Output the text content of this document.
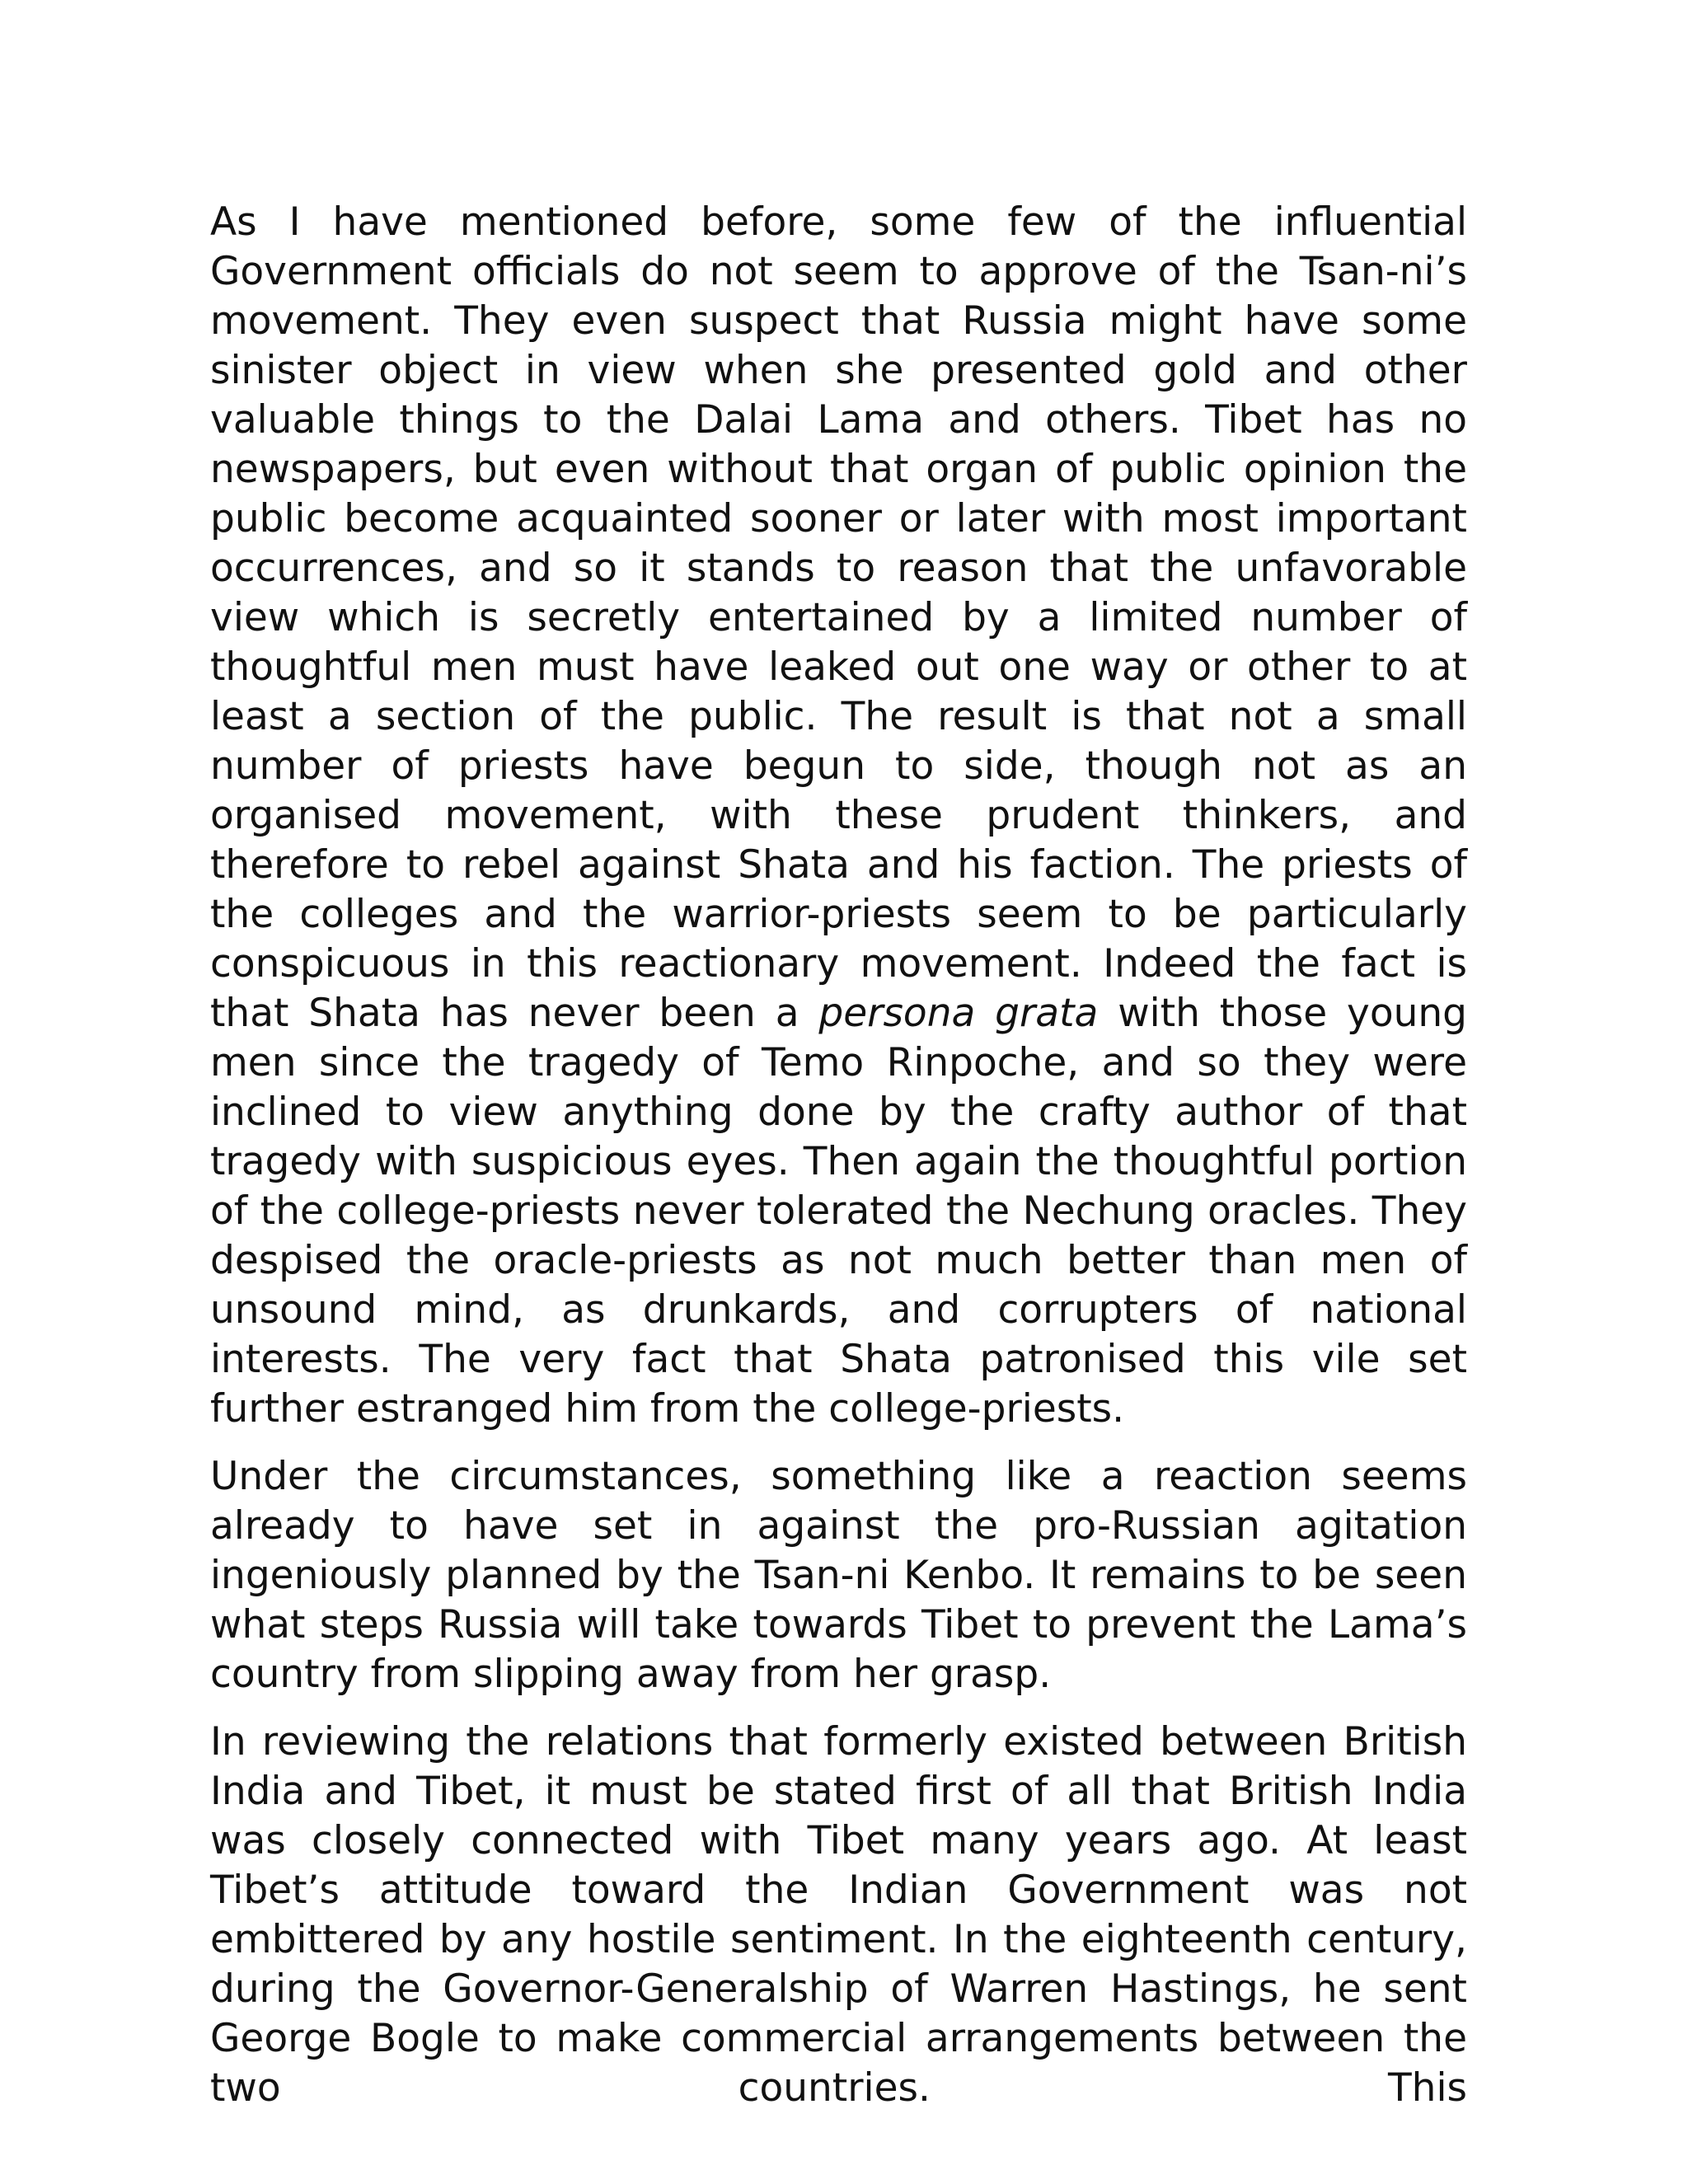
As I have mentioned before, some few of the influential Government officials do not seem to approve of the Tsan-ni’s movement. They even suspect that Russia might have some sinister object in view when she presented gold and other valuable things to the Dalai Lama and others. Tibet has no newspapers, but even without that organ of public opinion the public become acquainted sooner or later with most important occurrences, and so it stands to reason that the unfavorable view which is secretly entertained by a limited number of thoughtful men must have leaked out one way or other to at least a section of the public. The result is that not a small number of priests have begun to side, though not as an organised movement, with these prudent thinkers, and therefore to rebel against Shata and his faction. The priests of the colleges and the warrior-priests seem to be particularly conspicuous in this reactionary movement. Indeed the fact is that Shata has never been a persona grata with those young men since the tragedy of Temo Rinpoche, and so they were inclined to view anything done by the crafty author of that tragedy with suspicious eyes. Then again the thoughtful portion of the college-priests never tolerated the Nechung oracles. They despised the oracle-priests as not much better than men of unsound mind, as drunkards, and corrupters of national interests. The very fact that Shata patronised this vile set further estranged him from the college-priests.

Under the circumstances, something like a reaction seems already to have set in against the pro-Russian agitation ingeniously planned by the Tsan-ni Kenbo. It remains to be seen what steps Russia will take towards Tibet to prevent the Lama’s country from slipping away from her grasp.

In reviewing the relations that formerly existed between British India and Tibet, it must be stated first of all that British India was closely connected with Tibet many years ago. At least Tibet’s attitude toward the Indian Government was not embittered by any hostile sentiment. In the eighteenth century, during the Governor-Generalship of Warren Hastings, he sent George Bogle to make commercial arrangements between the two countries. This
